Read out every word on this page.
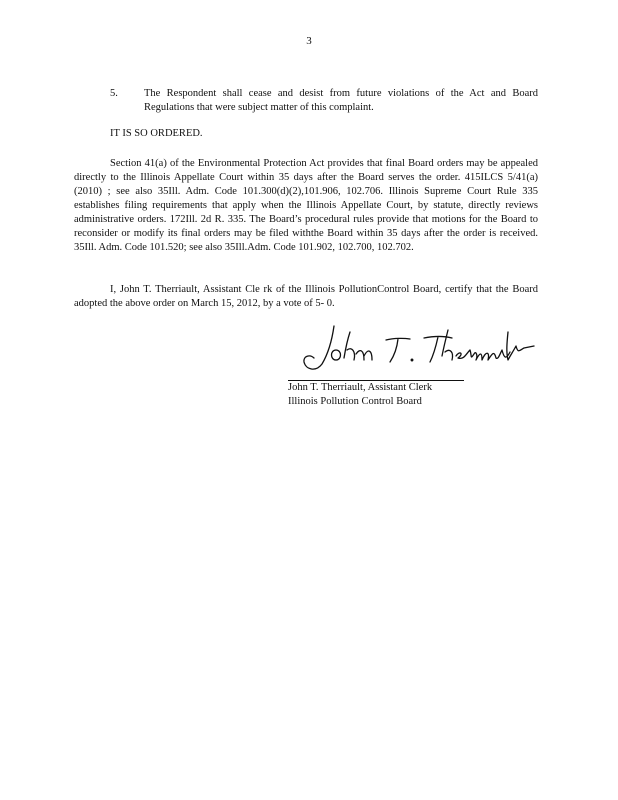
3
5. The Respondent shall cease and desist from future violations of the Act and Board Regulations that were subject matter of this complaint.
IT IS SO ORDERED.
Section 41(a) of the Environmental Protection Act provides that final Board orders may be appealed directly to the Illinois Appellate Court within 35 days after the Board serves the order. 415ILCS 5/41(a) (2010) ; see also 35Ill. Adm. Code 101.300(d)(2),101.906, 102.706. Illinois Supreme Court Rule 335 establishes filing requirements that apply when the Illinois Appellate Court, by statute, directly reviews administrative orders. 172Ill. 2d R. 335. The Board’s procedural rules provide that motions for the Board to reconsider or modify its final orders may be filed withthe Board within 35 days after the order is received. 35Ill. Adm. Code 101.520; see also 35Ill.Adm. Code 101.902, 102.700, 102.702.
I, John T. Therriault, Assistant Cle rk of the Illinois PollutionControl Board, certify that the Board adopted the above order on March 15, 2012, by a vote of 5- 0.
John T. Therriault, Assistant Clerk
Illinois Pollution Control Board
